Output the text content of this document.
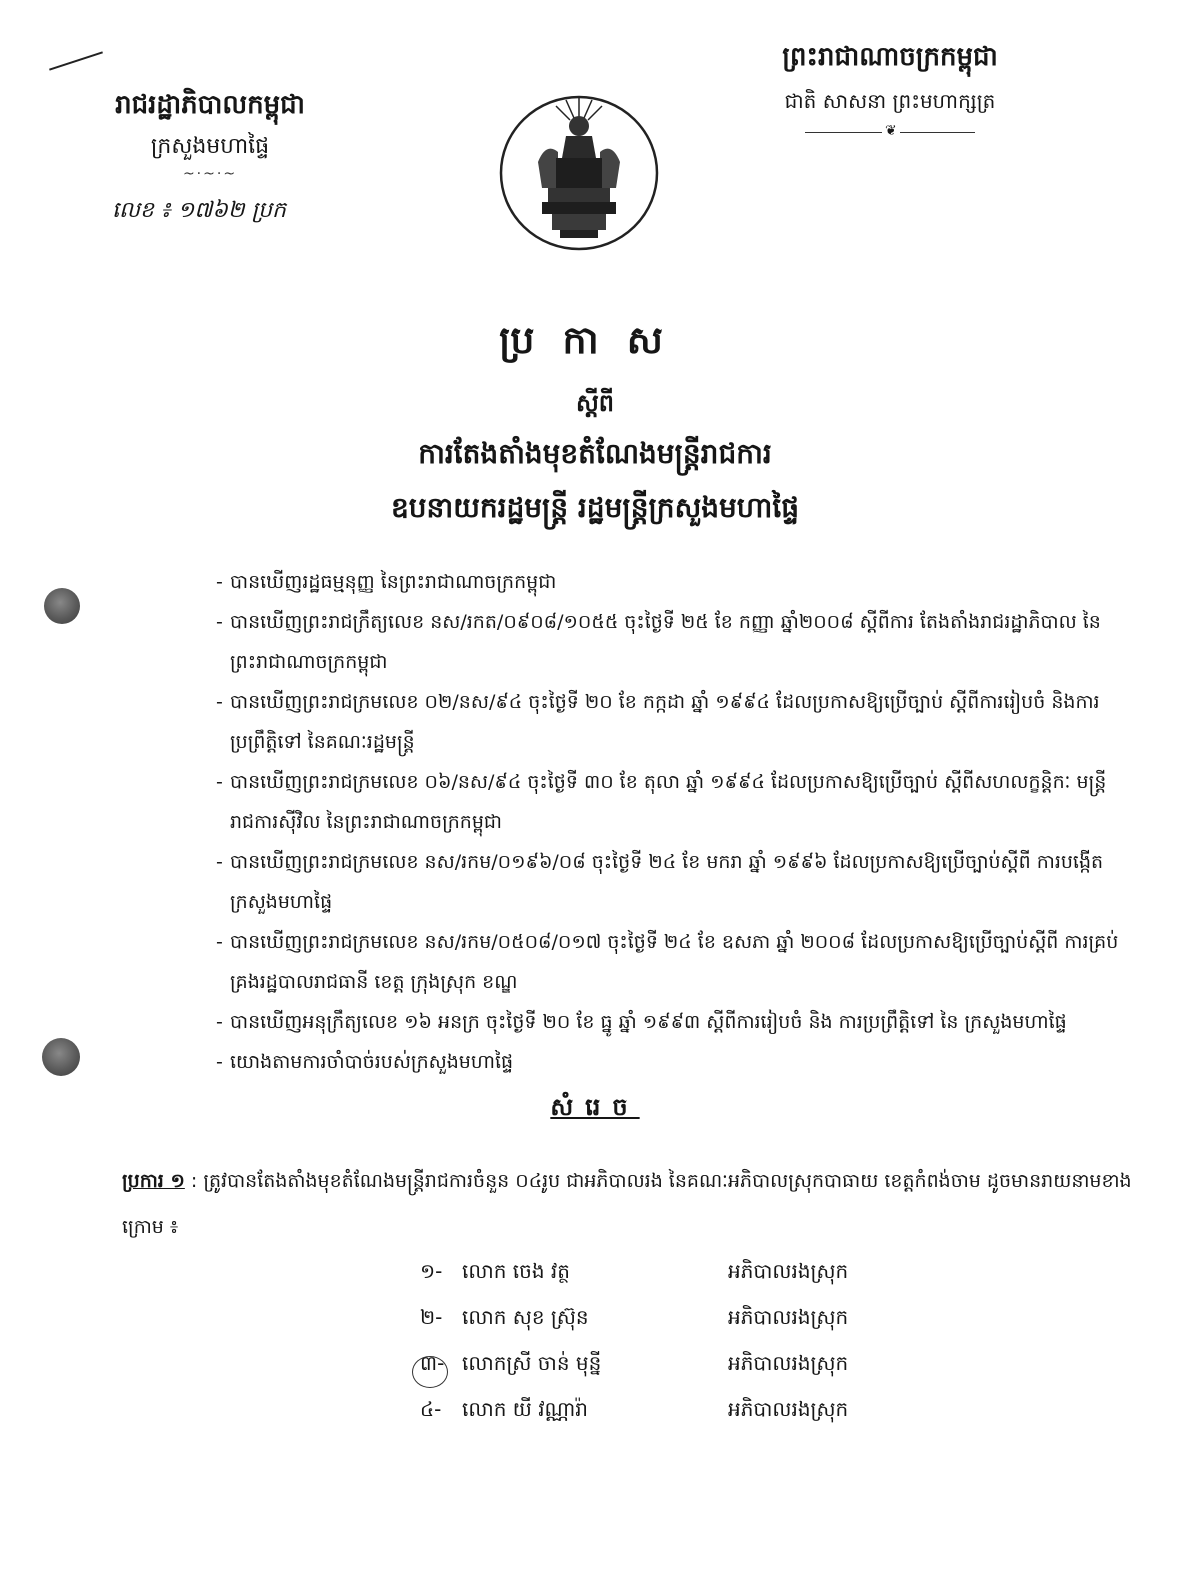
រាជរដ្ឋាភិបាលកម្ពុជា
ក្រសួងមហាផ្ទៃ
~·~·~
លេខ ៖ ១៧៦២ ប្រក
ព្រះរាជាណាចក្រកម្ពុជា
ជាតិ សាសនា ព្រះមហាក្សត្រ
❦
ប្រកាស
ស្តីពី
ការតែងតាំងមុខតំណែងមន្ត្រីរាជការ
ឧបនាយករដ្ឋមន្ត្រី រដ្ឋមន្ត្រីក្រសួងមហាផ្ទៃ
- បានឃើញរដ្ឋធម្មនុញ្ញ នៃព្រះរាជាណាចក្រកម្ពុជា
- បានឃើញព្រះរាជក្រឹត្យលេខ នស/រកត/០៩០៨/១០៥៥ ចុះថ្ងៃទី ២៥ ខែ កញ្ញា ឆ្នាំ២០០៨ ស្តីពីការ តែងតាំងរាជរដ្ឋាភិបាល នៃព្រះរាជាណាចក្រកម្ពុជា
- បានឃើញព្រះរាជក្រមលេខ ០២/នស/៩៤ ចុះថ្ងៃទី ២០ ខែ កក្កដា ឆ្នាំ ១៩៩៤ ដែលប្រកាសឱ្យប្រើច្បាប់ ស្តីពីការរៀបចំ និងការប្រព្រឹត្តិទៅ នៃគណៈរដ្ឋមន្ត្រី
- បានឃើញព្រះរាជក្រមលេខ ០៦/នស/៩៤ ចុះថ្ងៃទី ៣០ ខែ តុលា ឆ្នាំ ១៩៩៤ ដែលប្រកាសឱ្យប្រើច្បាប់ ស្តីពីសហលក្ខន្តិកៈ មន្ត្រី រាជការស៊ីវិល នៃព្រះរាជាណាចក្រកម្ពុជា
- បានឃើញព្រះរាជក្រមលេខ នស/រកម/០១៩៦/០៨ ចុះថ្ងៃទី ២៤ ខែ មករា ឆ្នាំ ១៩៩៦ ដែលប្រកាសឱ្យប្រើច្បាប់ស្តីពី ការបង្កើតក្រសួងមហាផ្ទៃ
- បានឃើញព្រះរាជក្រមលេខ នស/រកម/០៥០៨/០១៧ ចុះថ្ងៃទី ២៤ ខែ ឧសភា ឆ្នាំ ២០០៨ ដែលប្រកាសឱ្យប្រើច្បាប់ស្តីពី ការគ្រប់គ្រងរដ្ឋបាលរាជធានី ខេត្ត ក្រុងស្រុក ខណ្ឌ
- បានឃើញអនុក្រឹត្យលេខ ១៦ អនក្រ ចុះថ្ងៃទី ២០ ខែ ធ្នូ ឆ្នាំ ១៩៩៣ ស្តីពីការរៀបចំ និង ការប្រព្រឹត្តិទៅ នៃ ក្រសួងមហាផ្ទៃ
- យោងតាមការចាំបាច់របស់ក្រសួងមហាផ្ទៃ
សំរេច
ប្រការ ១ : ត្រូវបានតែងតាំងមុខតំណែងមន្ត្រីរាជការចំនួន ០៤រូប ជាអភិបាលរង នៃគណៈអភិបាលស្រុកបាធាយ ខេត្តកំពង់ចាម ដូចមានរាយនាមខាងក្រោម ៖
១- លោក ចេង វត្ថ	អភិបាលរងស្រុក
២- លោក សុខ ស្រ៊ុន	អភិបាលរងស្រុក
៣- លោកស្រី ចាន់ មុន្នី	អភិបាលរងស្រុក
៤-	លោក យី វណ្ណារ៉ា	អភិបាលរងស្រុក
